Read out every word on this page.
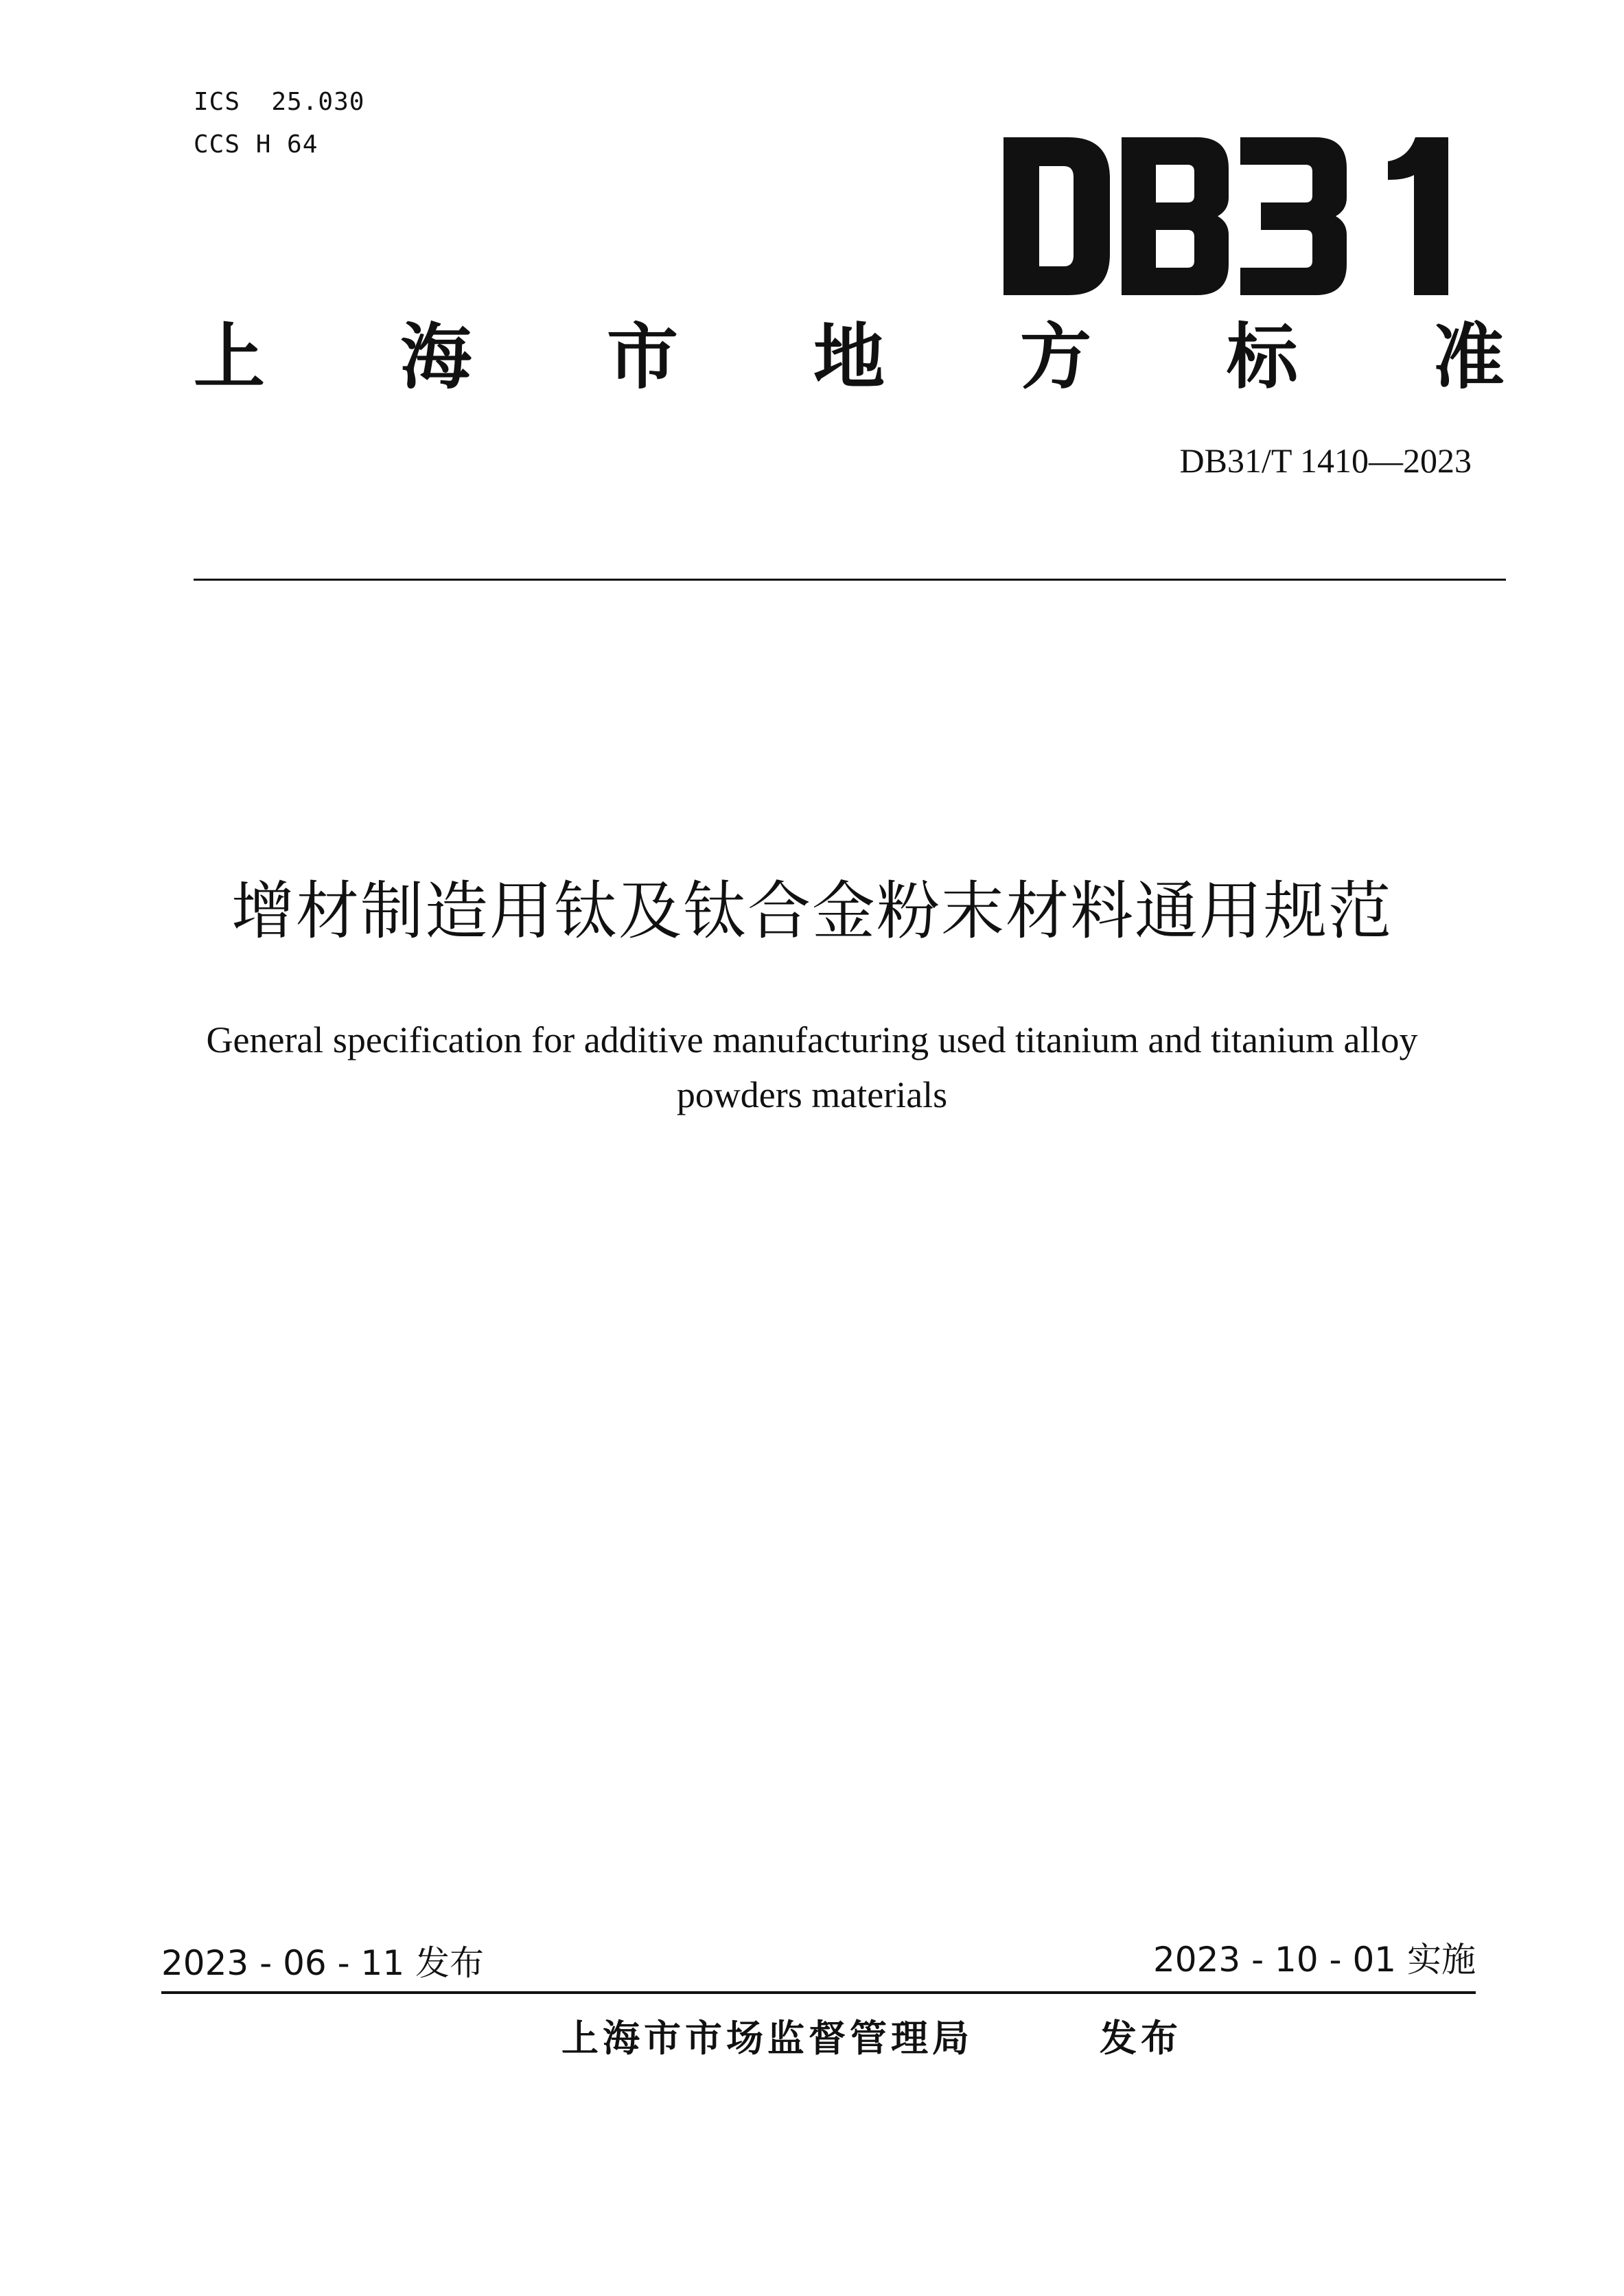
ICS  25.030
CCS H 64
上 海 市 地 方 标 准
DB31/T 1410—2023
增材制造用钛及钛合金粉末材料通用规范
General specification for additive manufacturing used titanium and titanium alloy
powders materials
2023 - 06 - 11 发布	2023 - 10 - 01 实施
上海市市场监督管理局	发布
